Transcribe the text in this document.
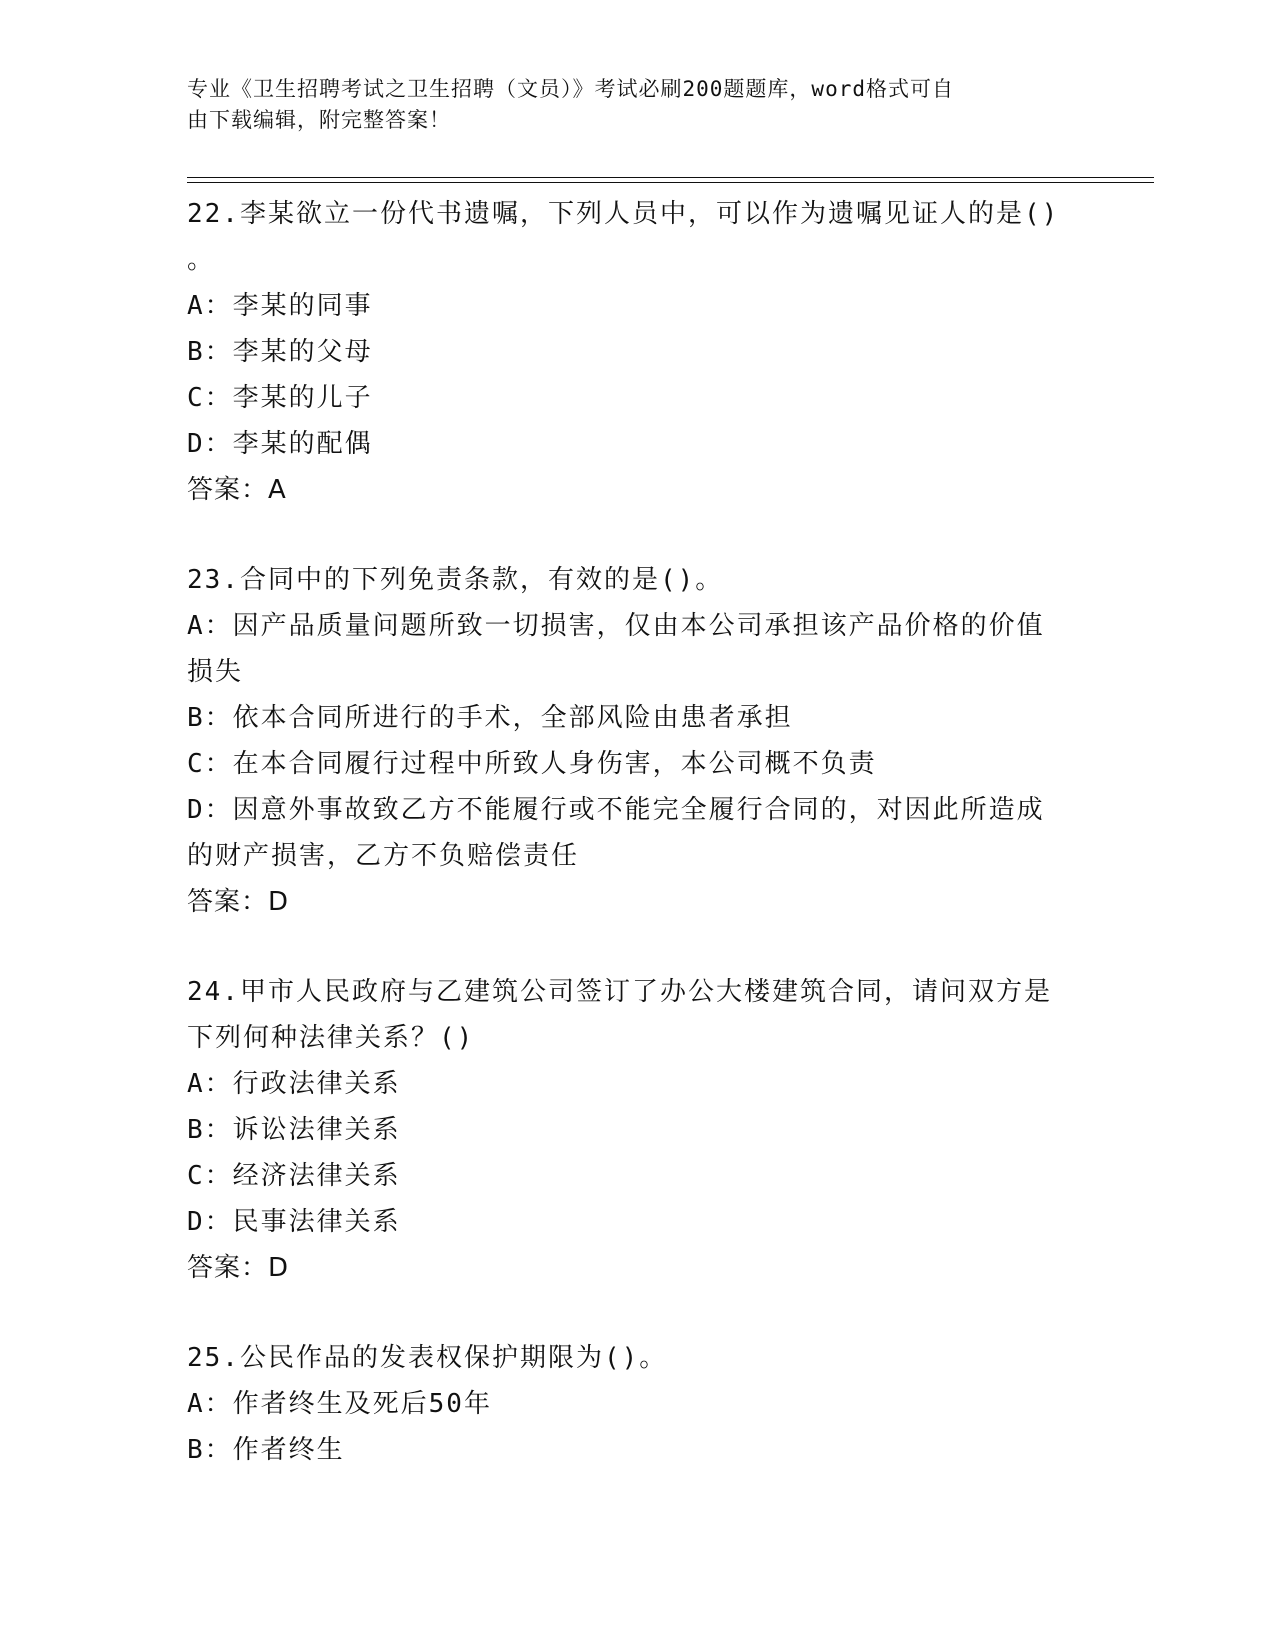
专业《卫生招聘考试之卫生招聘（文员）》考试必刷200题题库，word格式可自
由下载编辑，附完整答案！
22.李某欲立一份代书遗嘱，下列人员中，可以作为遗嘱见证人的是()
。
A：李某的同事
B：李某的父母
C：李某的儿子
D：李某的配偶
答案：A
23.合同中的下列免责条款，有效的是()。
A：因产品质量问题所致一切损害，仅由本公司承担该产品价格的价值
损失
B：依本合同所进行的手术，全部风险由患者承担
C：在本合同履行过程中所致人身伤害，本公司概不负责
D：因意外事故致乙方不能履行或不能完全履行合同的，对因此所造成
的财产损害，乙方不负赔偿责任
答案：D
24.甲市人民政府与乙建筑公司签订了办公大楼建筑合同，请问双方是
下列何种法律关系？()
A：行政法律关系
B：诉讼法律关系
C：经济法律关系
D：民事法律关系
答案：D
25.公民作品的发表权保护期限为()。
A：作者终生及死后50年
B：作者终生
